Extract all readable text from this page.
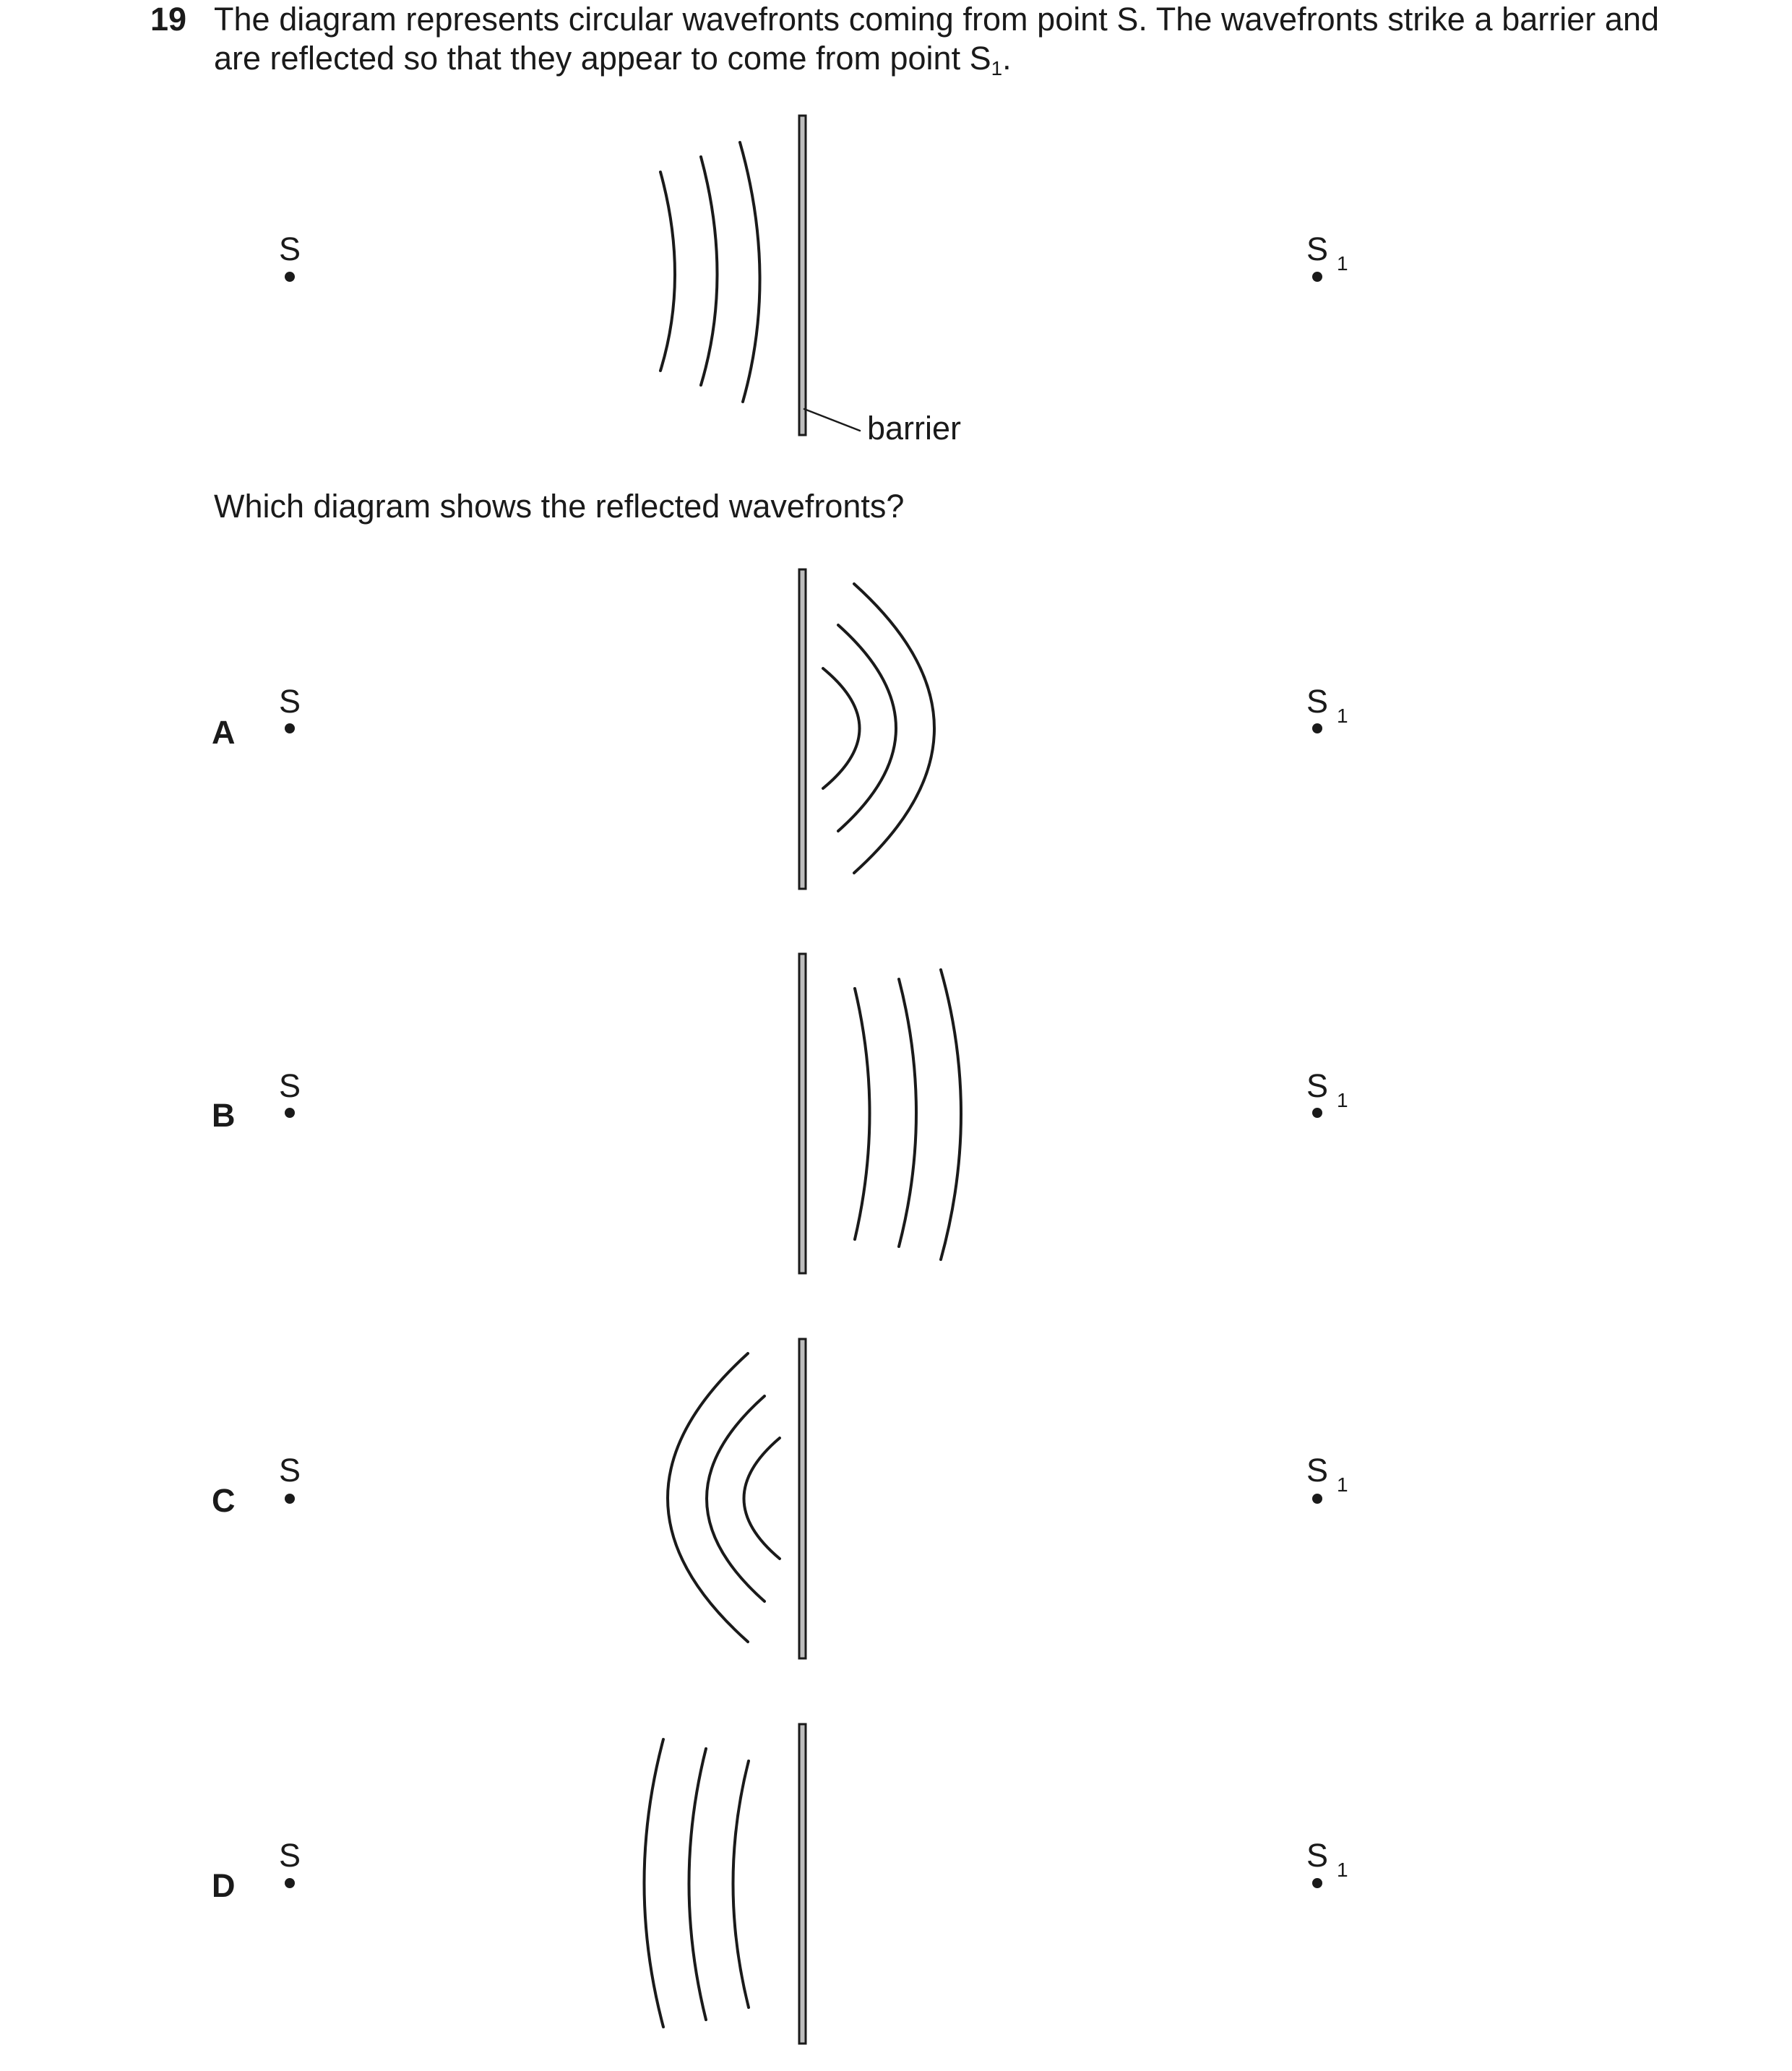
19 The diagram represents circular wavefronts coming from point S. The wavefronts strike a barrier and are reflected so that they appear to come from point $S_1$.
Which diagram shows the reflected wavefronts?
A
B
C
D
S	S 1
barrier
S	S 1
S	S 1
S	S 1
S	S 1
